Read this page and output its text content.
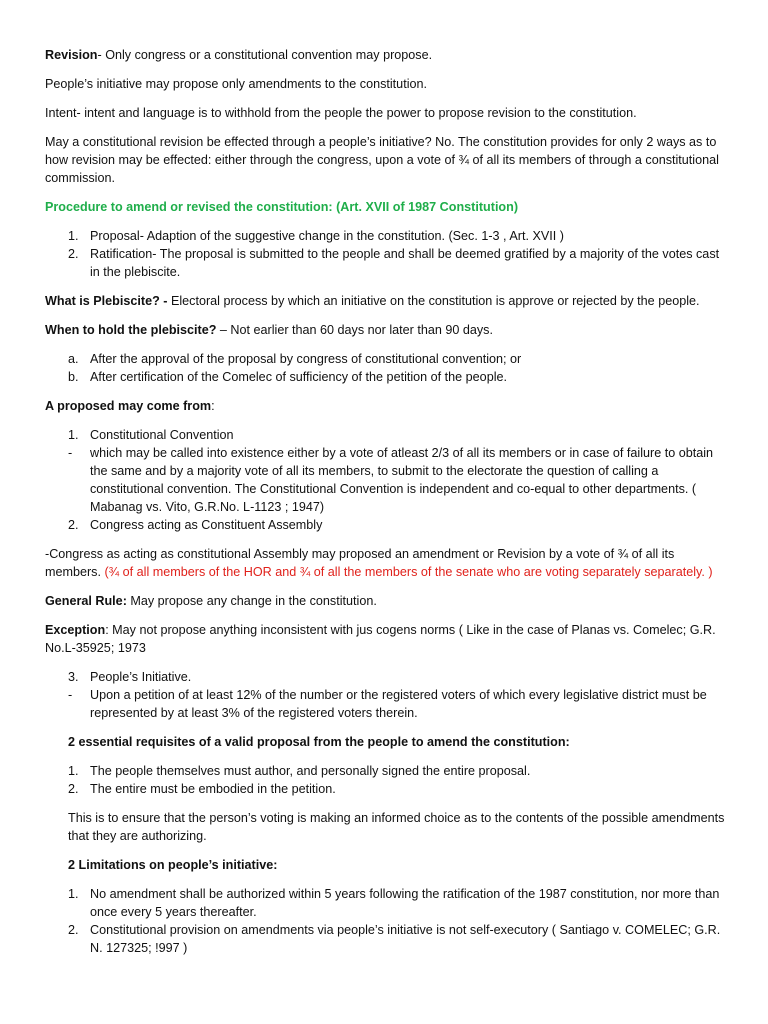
Revision- Only congress or a constitutional convention may propose.

People’s initiative may propose only amendments to the constitution.

Intent- intent and language is to withhold from the people the power to propose revision to the constitution.

May a constitutional revision be effected through a people’s initiative? No. The constitution provides for only 2 ways as to how revision may be effected: either through the congress, upon a vote of ¾ of all its members of through a constitutional commission.

Procedure to amend or revised the constitution: (Art. XVII of 1987 Constitution)

1. Proposal- Adaption of the suggestive change in the constitution. (Sec. 1-3 , Art. XVII )
2. Ratification- The proposal is submitted to the people and shall be deemed gratified by a majority of the votes cast in the plebiscite.

What is Plebiscite? - Electoral process by which an initiative on the constitution is approve or rejected by the people.

When to hold the plebiscite? – Not earlier than 60 days nor later than 90 days.

a. After the approval of the proposal by congress of constitutional convention; or
b. After certification of the Comelec of sufficiency of the petition of the people.

A proposed may come from:

1. Constitutional Convention
- which may be called into existence either by a vote of atleast 2/3 of all its members or in case of failure to obtain the same and by a majority vote of all its members, to submit to the electorate the question of calling a constitutional convention. The Constitutional Convention is independent and co-equal to other departments. ( Mabanag vs. Vito, G.R.No. L-1123 ; 1947)
2. Congress acting as Constituent Assembly

-Congress as acting as constitutional Assembly may proposed an amendment or Revision by a vote of ¾ of all its members. (¾ of all members of the HOR and ¾ of all the members of the senate who are voting separately separately. )

General Rule: May propose any change in the constitution.

Exception: May not propose anything inconsistent with jus cogens norms ( Like in the case of Planas vs. Comelec; G.R. No.L-35925; 1973

3. People’s Initiative.
- Upon a petition of at least 12% of the number or the registered voters of which every legislative district must be represented by at least 3% of the registered voters therein.

2 essential requisites of a valid proposal from the people to amend the constitution:

1. The people themselves must author, and personally signed the entire proposal.
2. The entire must be embodied in the petition.

This is to ensure that the person’s voting is making an informed choice as to the contents of the possible amendments that they are authorizing.

2 Limitations on people’s initiative:

1. No amendment shall be authorized within 5 years following the ratification of the 1987 constitution, nor more than once every 5 years thereafter.
2. Constitutional provision on amendments via people’s initiative is not self-executory ( Santiago v. COMELEC; G.R. N. 127325; !997 )
